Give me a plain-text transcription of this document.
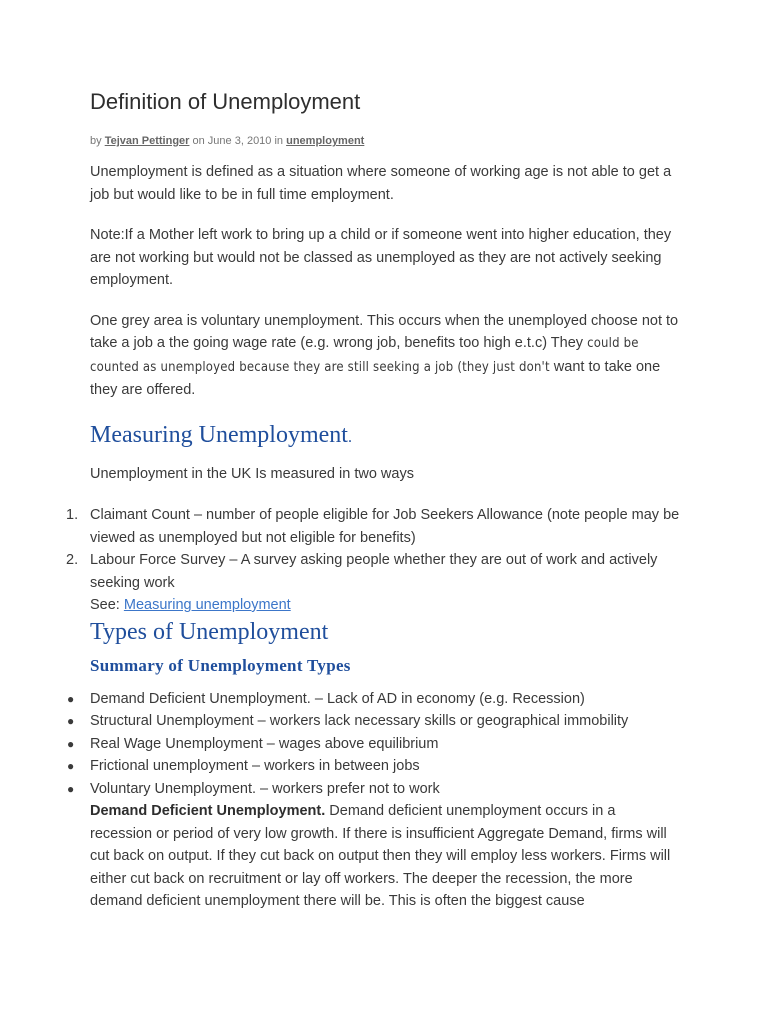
Definition of Unemployment
by Tejvan Pettinger on June 3, 2010 in unemployment

Unemployment is defined as a situation where someone of working age is not able to get a job but would like to be in full time employment.

Note:If a Mother left work to bring up a child or if someone went into higher education, they are not working but would not be classed as unemployed as they are not actively seeking employment.

One grey area is voluntary unemployment. This occurs when the unemployed choose not to take a job a the going wage rate (e.g. wrong job, benefits too high e.t.c) They could be counted as unemployed because they are still seeking a job (they just don't want to take one they are offered.

Measuring Unemployment.

Unemployment in the UK Is measured in two ways

1. Claimant Count – number of people eligible for Job Seekers Allowance (note people may be viewed as unemployed but not eligible for benefits)
2. Labour Force Survey – A survey asking people whether they are out of work and actively seeking work
See: Measuring unemployment
Types of Unemployment
Summary of Unemployment Types
● Demand Deficient Unemployment. – Lack of AD in economy (e.g. Recession)
● Structural Unemployment – workers lack necessary skills or geographical immobility
● Real Wage Unemployment – wages above equilibrium
● Frictional unemployment – workers in between jobs
● Voluntary Unemployment. – workers prefer not to work

Demand Deficient Unemployment. Demand deficient unemployment occurs in a recession or period of very low growth. If there is insufficient Aggregate Demand, firms will cut back on output. If they cut back on output then they will employ less workers. Firms will either cut back on recruitment or lay off workers. The deeper the recession, the more demand deficient unemployment there will be. This is often the biggest cause
